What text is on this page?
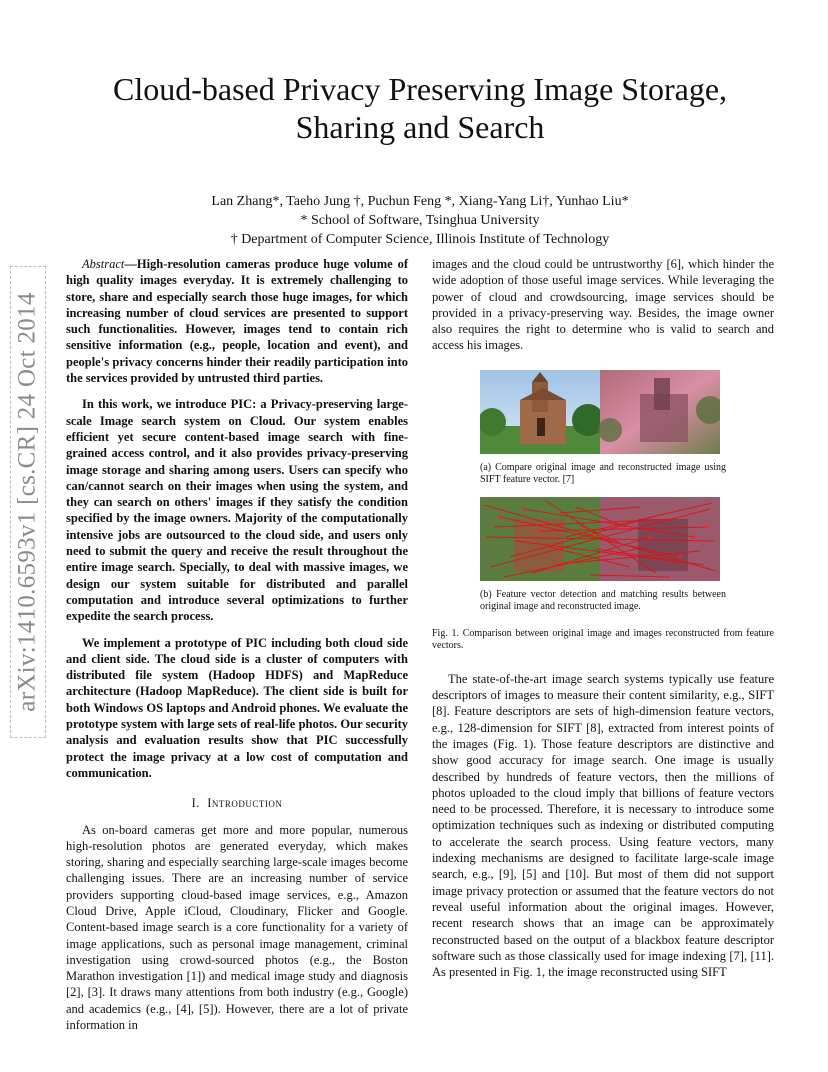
arXiv:1410.6593v1 [cs.CR] 24 Oct 2014
Cloud-based Privacy Preserving Image Storage,
Sharing and Search
Lan Zhang*, Taeho Jung †, Puchun Feng *, Xiang-Yang Li†, Yunhao Liu*
* School of Software, Tsinghua University
† Department of Computer Science, Illinois Institute of Technology

Abstract—High-resolution cameras produce huge volume of high quality images everyday. It is extremely challenging to store, share and especially search those huge images, for which increasing number of cloud services are presented to support such functionalities. However, images tend to contain rich sensitive information (e.g., people, location and event), and people's privacy concerns hinder their readily participation into the services provided by untrusted third parties.

In this work, we introduce PIC: a Privacy-preserving large-scale Image search system on Cloud. Our system enables efficient yet secure content-based image search with fine-grained access control, and it also provides privacy-preserving image storage and sharing among users. Users can specify who can/cannot search on their images when using the system, and they can search on others' images if they satisfy the condition specified by the image owners. Majority of the computationally intensive jobs are outsourced to the cloud side, and users only need to submit the query and receive the result throughout the entire image search. Specially, to deal with massive images, we design our system suitable for distributed and parallel computation and introduce several optimizations to further expedite the search process.

We implement a prototype of PIC including both cloud side and client side. The cloud side is a cluster of computers with distributed file system (Hadoop HDFS) and MapReduce architecture (Hadoop MapReduce). The client side is built for both Windows OS laptops and Android phones. We evaluate the prototype system with large sets of real-life photos. Our security analysis and evaluation results show that PIC successfully protect the image privacy at a low cost of computation and communication.

I. Introduction

As on-board cameras get more and more popular, numerous high-resolution photos are generated everyday, which makes storing, sharing and especially searching large-scale images become challenging issues. There are an increasing number of service providers supporting cloud-based image services, e.g., Amazon Cloud Drive, Apple iCloud, Cloudinary, Flicker and Google. Content-based image search is a core functionality for a variety of image applications, such as personal image management, criminal investigation using crowd-sourced photos (e.g., the Boston Marathon investigation [1]) and medical image study and diagnosis [2], [3]. It draws many attentions from both industry (e.g., Google) and academics (e.g., [4], [5]). However, there are a lot of private information in

images and the cloud could be untrustworthy [6], which hinder the wide adoption of those useful image services. While leveraging the power of cloud and crowdsourcing, image services should be provided in a privacy-preserving way. Besides, the image owner also requires the right to determine who is valid to search and access his images.

(a) Compare original image and reconstructed image using SIFT feature vector. [7]
(b) Feature vector detection and matching results between original image and reconstructed image.
Fig. 1. Comparison between original image and images reconstructed from feature vectors.

The state-of-the-art image search systems typically use feature descriptors of images to measure their content similarity, e.g., SIFT [8]. Feature descriptors are sets of high-dimension feature vectors, e.g., 128-dimension for SIFT [8], extracted from interest points of the images (Fig. 1). Those feature descriptors are distinctive and show good accuracy for image search. One image is usually described by hundreds of feature vectors, then the millions of photos uploaded to the cloud imply that billions of feature vectors need to be processed. Therefore, it is necessary to introduce some optimization techniques such as indexing or distributed computing to accelerate the search process. Using feature vectors, many indexing mechanisms are designed to facilitate large-scale image search, e.g., [9], [5] and [10]. But most of them did not support image privacy protection or assumed that the feature vectors do not reveal useful information about the original images. However, recent research shows that an image can be approximately reconstructed based on the output of a blackbox feature descriptor software such as those classically used for image indexing [7], [11]. As presented in Fig. 1, the image reconstructed using SIFT
